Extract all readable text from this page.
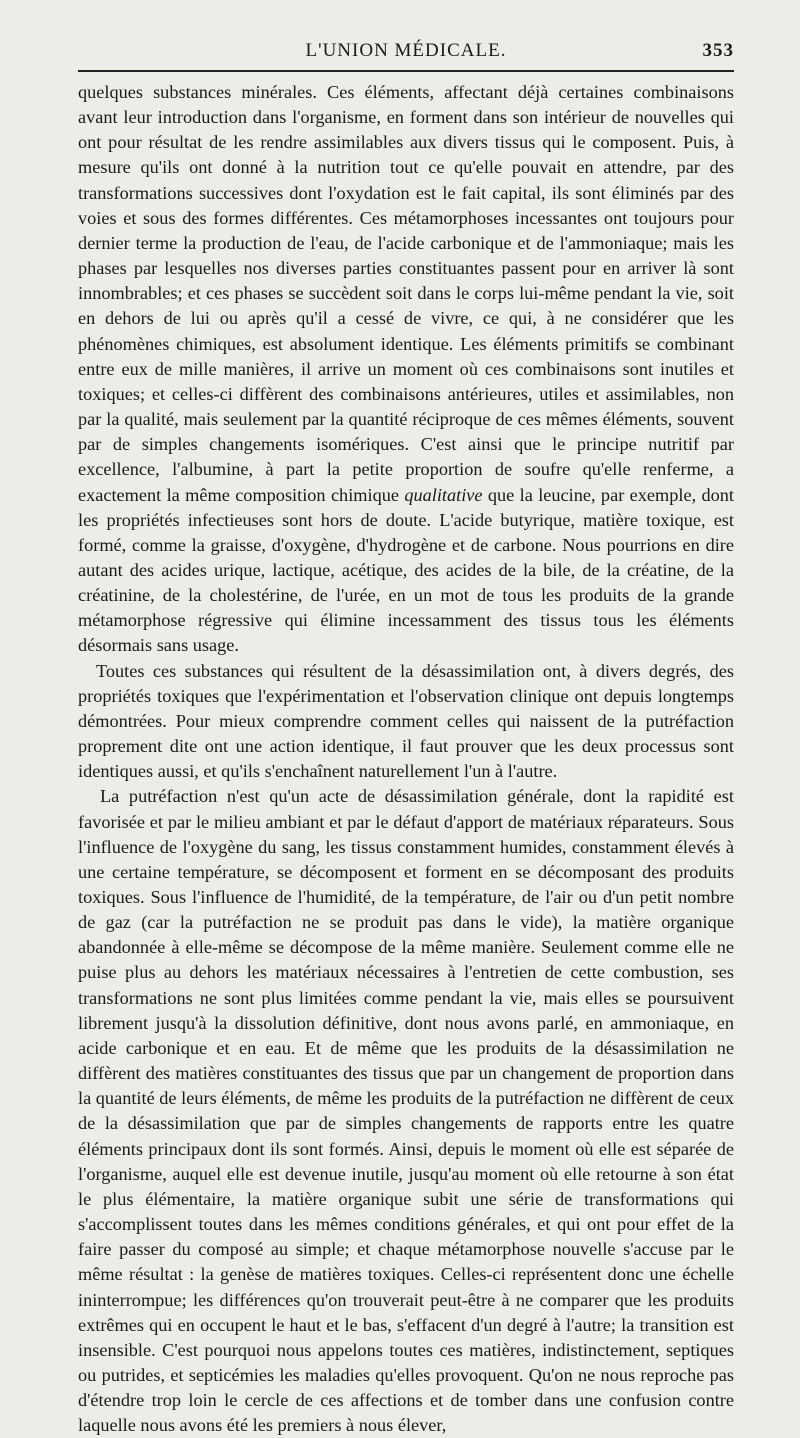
L'UNION MÉDICALE.	353

quelques substances minérales. Ces éléments, affectant déjà certaines combinaisons avant leur introduction dans l'organisme, en forment dans son intérieur de nouvelles qui ont pour résultat de les rendre assimilables aux divers tissus qui le composent. Puis, à mesure qu'ils ont donné à la nutrition tout ce qu'elle pouvait en attendre, par des transformations successives dont l'oxydation est le fait capital, ils sont éliminés par des voies et sous des formes différentes. Ces métamorphoses incessantes ont toujours pour dernier terme la production de l'eau, de l'acide carbonique et de l'ammoniaque; mais les phases par lesquelles nos diverses parties constituantes passent pour en arriver là sont innombrables; et ces phases se succèdent soit dans le corps lui-même pendant la vie, soit en dehors de lui ou après qu'il a cessé de vivre, ce qui, à ne considérer que les phénomènes chimiques, est absolument identique. Les éléments primitifs se combinant entre eux de mille manières, il arrive un moment où ces combinaisons sont inutiles et toxiques; et celles-ci diffèrent des combinaisons antérieures, utiles et assimilables, non par la qualité, mais seulement par la quantité réciproque de ces mêmes éléments, souvent par de simples changements isomériques. C'est ainsi que le principe nutritif par excellence, l'albumine, à part la petite proportion de soufre qu'elle renferme, a exactement la même composition chimique qualitative que la leucine, par exemple, dont les propriétés infectieuses sont hors de doute. L'acide butyrique, matière toxique, est formé, comme la graisse, d'oxygène, d'hydrogène et de carbone. Nous pourrions en dire autant des acides urique, lactique, acétique, des acides de la bile, de la créatine, de la créatinine, de la cholestérine, de l'urée, en un mot de tous les produits de la grande métamorphose régressive qui élimine incessamment des tissus tous les éléments désormais sans usage.

Toutes ces substances qui résultent de la désassimilation ont, à divers degrés, des propriétés toxiques que l'expérimentation et l'observation clinique ont depuis longtemps démontrées. Pour mieux comprendre comment celles qui naissent de la putréfaction proprement dite ont une action identique, il faut prouver que les deux processus sont identiques aussi, et qu'ils s'enchaînent naturellement l'un à l'autre.

La putréfaction n'est qu'un acte de désassimilation générale, dont la rapidité est favorisée et par le milieu ambiant et par le défaut d'apport de matériaux réparateurs. Sous l'influence de l'oxygène du sang, les tissus constamment humides, constamment élevés à une certaine température, se décomposent et forment en se décomposant des produits toxiques. Sous l'influence de l'humidité, de la température, de l'air ou d'un petit nombre de gaz (car la putréfaction ne se produit pas dans le vide), la matière organique abandonnée à elle-même se décompose de la même manière. Seulement comme elle ne puise plus au dehors les matériaux nécessaires à l'entretien de cette combustion, ses transformations ne sont plus limitées comme pendant la vie, mais elles se poursuivent librement jusqu'à la dissolution définitive, dont nous avons parlé, en ammoniaque, en acide carbonique et en eau. Et de même que les produits de la désassimilation ne diffèrent des matières constituantes des tissus que par un changement de proportion dans la quantité de leurs éléments, de même les produits de la putréfaction ne diffèrent de ceux de la désassimilation que par de simples changements de rapports entre les quatre éléments principaux dont ils sont formés. Ainsi, depuis le moment où elle est séparée de l'organisme, auquel elle est devenue inutile, jusqu'au moment où elle retourne à son état le plus élémentaire, la matière organique subit une série de transformations qui s'accomplissent toutes dans les mêmes conditions générales, et qui ont pour effet de la faire passer du composé au simple; et chaque métamorphose nouvelle s'accuse par le même résultat : la genèse de matières toxiques. Celles-ci représentent donc une échelle ininterrompue; les différences qu'on trouverait peut-être à ne comparer que les produits extrêmes qui en occupent le haut et le bas, s'effacent d'un degré à l'autre; la transition est insensible. C'est pourquoi nous appelons toutes ces matières, indistinctement, septiques ou putrides, et septicémies les maladies qu'elles provoquent. Qu'on ne nous reproche pas d'étendre trop loin le cercle de ces affections et de tomber dans une confusion contre laquelle nous avons été les premiers à nous élever,
